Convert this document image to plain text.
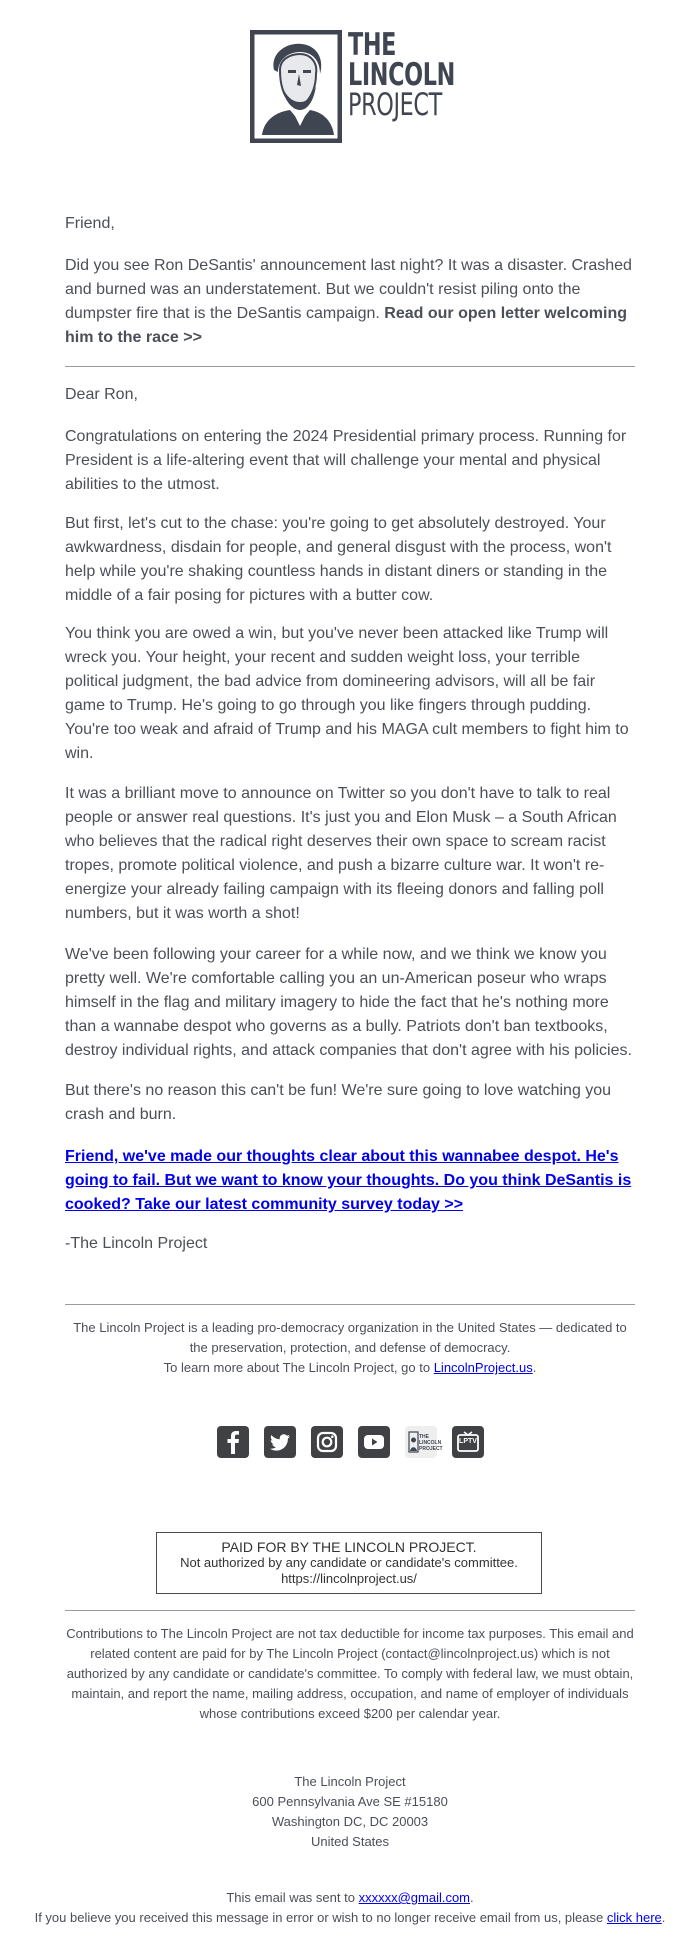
THE
LINCOLN
PROJECT

Friend,

Did you see Ron DeSantis' announcement last night? It was a disaster. Crashed and burned was an understatement. But we couldn't resist piling onto the dumpster fire that is the DeSantis campaign. Read our open letter welcoming him to the race >>

Dear Ron,

Congratulations on entering the 2024 Presidential primary process. Running for President is a life-altering event that will challenge your mental and physical abilities to the utmost.

But first, let's cut to the chase: you're going to get absolutely destroyed. Your awkwardness, disdain for people, and general disgust with the process, won't help while you're shaking countless hands in distant diners or standing in the middle of a fair posing for pictures with a butter cow.

You think you are owed a win, but you've never been attacked like Trump will wreck you. Your height, your recent and sudden weight loss, your terrible political judgment, the bad advice from domineering advisors, will all be fair game to Trump. He's going to go through you like fingers through pudding. You're too weak and afraid of Trump and his MAGA cult members to fight him to win.

It was a brilliant move to announce on Twitter so you don't have to talk to real people or answer real questions. It's just you and Elon Musk – a South African who believes that the radical right deserves their own space to scream racist tropes, promote political violence, and push a bizarre culture war. It won't re-energize your already failing campaign with its fleeing donors and falling poll numbers, but it was worth a shot!

We've been following your career for a while now, and we think we know you pretty well. We're comfortable calling you an un-American poseur who wraps himself in the flag and military imagery to hide the fact that he's nothing more than a wannabe despot who governs as a bully. Patriots don't ban textbooks, destroy individual rights, and attack companies that don't agree with his policies.

But there's no reason this can't be fun! We're sure going to love watching you crash and burn.

Friend, we've made our thoughts clear about this wannabee despot. He's going to fail. But we want to know your thoughts. Do you think DeSantis is cooked? Take our latest community survey today >>

-The Lincoln Project

The Lincoln Project is a leading pro-democracy organization in the United States — dedicated to the preservation, protection, and defense of democracy.
To learn more about The Lincoln Project, go to LincolnProject.us.
THE LINCOLN PROJECT
LPTV
PAID FOR BY THE LINCOLN PROJECT.
Not authorized by any candidate or candidate's committee.
https://lincolnproject.us/
Contributions to The Lincoln Project are not tax deductible for income tax purposes. This email and related content are paid for by The Lincoln Project (contact@lincolnproject.us) which is not authorized by any candidate or candidate's committee. To comply with federal law, we must obtain, maintain, and report the name, mailing address, occupation, and name of employer of individuals whose contributions exceed $200 per calendar year.
The Lincoln Project
600 Pennsylvania Ave SE #15180
Washington DC, DC 20003
United States
This email was sent to xxxxxx@gmail.com.
If you believe you received this message in error or wish to no longer receive email from us, please click here.
